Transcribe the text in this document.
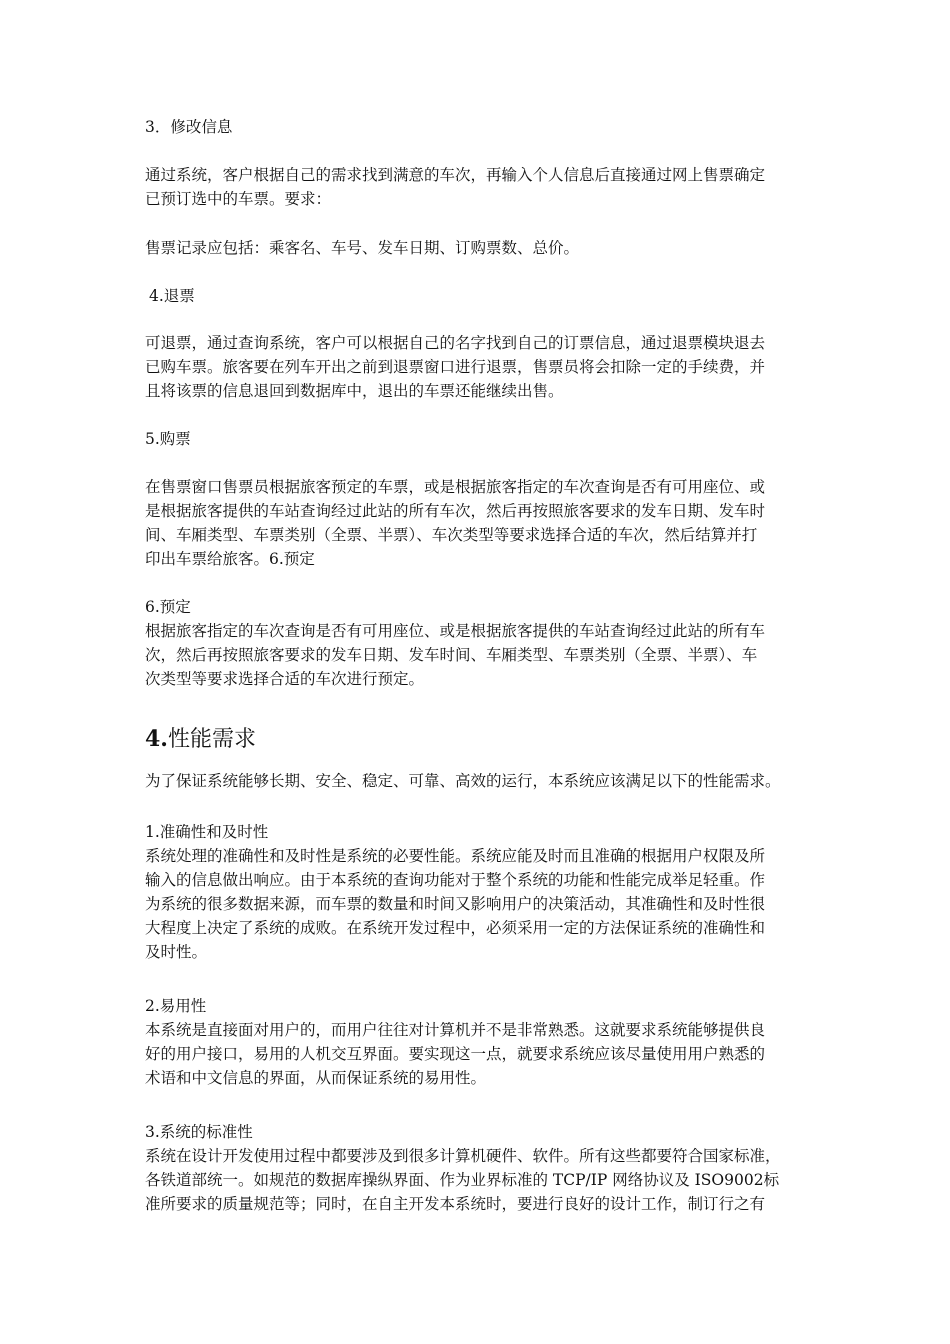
3．修改信息
通过系统，客户根据自己的需求找到满意的车次，再输入个人信息后直接通过网上售票确定
已预订选中的车票。要求：
售票记录应包括：乘客名、车号、发车日期、订购票数、总价。
4.退票
可退票，通过查询系统，客户可以根据自己的名字找到自己的订票信息，通过退票模块退去
已购车票。旅客要在列车开出之前到退票窗口进行退票，售票员将会扣除一定的手续费，并
且将该票的信息退回到数据库中，退出的车票还能继续出售。
5.购票
在售票窗口售票员根据旅客预定的车票，或是根据旅客指定的车次查询是否有可用座位、或
是根据旅客提供的车站查询经过此站的所有车次，然后再按照旅客要求的发车日期、发车时
间、车厢类型、车票类别（全票、半票）、车次类型等要求选择合适的车次，然后结算并打
印出车票给旅客。6.预定
6.预定
根据旅客指定的车次查询是否有可用座位、或是根据旅客提供的车站查询经过此站的所有车
次，然后再按照旅客要求的发车日期、发车时间、车厢类型、车票类别（全票、半票）、车
次类型等要求选择合适的车次进行预定。
4.性能需求
为了保证系统能够长期、安全、稳定、可靠、高效的运行，本系统应该满足以下的性能需求。
1.准确性和及时性
系统处理的准确性和及时性是系统的必要性能。系统应能及时而且准确的根据用户权限及所
输入的信息做出响应。由于本系统的查询功能对于整个系统的功能和性能完成举足轻重。作
为系统的很多数据来源，而车票的数量和时间又影响用户的决策活动，其准确性和及时性很
大程度上决定了系统的成败。在系统开发过程中，必须采用一定的方法保证系统的准确性和
及时性。
2.易用性
本系统是直接面对用户的，而用户往往对计算机并不是非常熟悉。这就要求系统能够提供良
好的用户接口，易用的人机交互界面。要实现这一点，就要求系统应该尽量使用用户熟悉的
术语和中文信息的界面，从而保证系统的易用性。
3.系统的标准性
系统在设计开发使用过程中都要涉及到很多计算机硬件、软件。所有这些都要符合国家标准，
各铁道部统一。如规范的数据库操纵界面、作为业界标准的 TCP/IP 网络协议及 ISO9002标
准所要求的质量规范等；同时，在自主开发本系统时，要进行良好的设计工作，制订行之有
